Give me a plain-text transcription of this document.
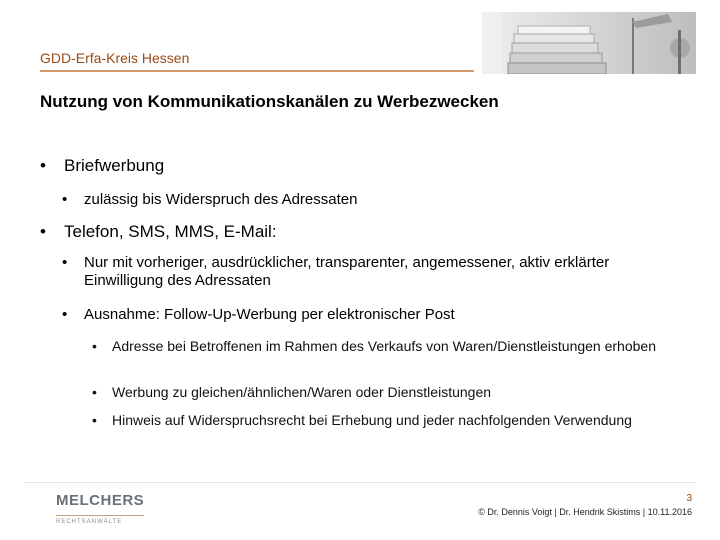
GDD-Erfa-Kreis Hessen
Nutzung von Kommunikationskanälen zu Werbezwecken
•	Briefwerbung
•	zulässig bis Widerspruch des Adressaten
•	Telefon, SMS, MMS, E-Mail:
•	Nur mit vorheriger, ausdrücklicher, transparenter, angemessener, aktiv erklärter Einwilligung des Adressaten
•	Ausnahme: Follow-Up-Werbung per elektronischer Post
•	Adresse bei Betroffenen im Rahmen des Verkaufs von Waren/Dienstleistungen erhoben
•	Werbung zu gleichen/ähnlichen/Waren oder Dienstleistungen
•	Hinweis auf Widerspruchsrecht bei Erhebung und jeder nachfolgenden Verwendung
MELCHERS
RECHTSANWÄLTE
3
© Dr. Dennis Voigt | Dr. Hendrik Skistims | 10.11.2016
